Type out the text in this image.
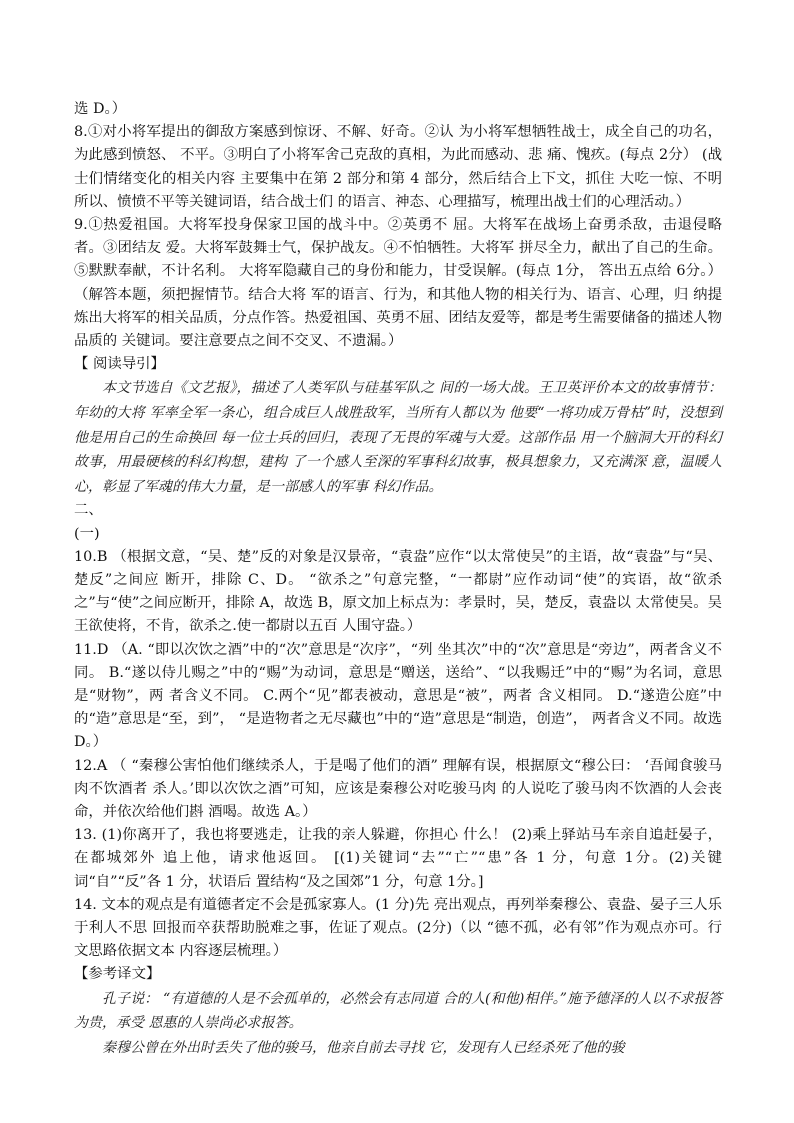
选 D。）

8.①对小将军提出的御敌方案感到惊讶、不解、好奇。②认 为小将军想牺牲战士，成全自己的功名，为此感到愤怒、 不平。③明白了小将军舍己克敌的真相，为此而感动、悲 痛、愧疚。(每点 2分） (战士们情绪变化的相关内容 主要集中在第 2 部分和第 4 部分，然后结合上下文，抓住 大吃一惊、不明所以、愤愤不平等关键词语，结合战士们 的语言、神态、心理描写，梳理出战士们的心理活动。）

9.①热爱祖国。大将军投身保家卫国的战斗中。②英勇不 屈。大将军在战场上奋勇杀敌，击退侵略者。③团结友 爱。大将军鼓舞士气，保护战友。④不怕牺牲。大将军 拼尽全力，献出了自己的生命。⑤默默奉献，不计名利。 大将军隐藏自己的身份和能力，甘受误解。(每点 1分， 答出五点给 6分。）（解答本题，须把握情节。结合大将 军的语言、行为，和其他人物的相关行为、语言、心理，归 纳提炼出大将军的相关品质，分点作答。热爱祖国、英勇不屈、团结友爱等，都是考生需要储备的描述人物品质的 关键词。要注意要点之间不交叉、不遗漏。）

【 阅读导引】

本文节选自《文艺报》，描述了人类军队与硅基军队之 间的一场大战。王卫英评价本文的故事情节：年幼的大将 军率全军一条心，组合成巨人战胜敌军，当所有人都以为 他要“一将功成万骨枯”时，没想到他是用自己的生命换回 每一位士兵的回归，表现了无畏的军魂与大爱。这部作品 用一个脑洞大开的科幻故事，用最硬核的科幻构想，建构 了一个感人至深的军事科幻故事，极具想象力，又充满深 意，温暖人心，彰显了军魂的伟大力量，是一部感人的军事 科幻作品。

二、

(一)

10.B （根据文意，“吴、楚”反的对象是汉景帝，“袁盎”应作“以太常使吴”的主语，故“袁盎”与“吴、楚反”之间应 断开，排除 C、D。 “欲杀之”句意完整，“一都尉”应作动词“使”的宾语，故“欲杀之”与“使”之间应断开，排除 A，故选 B，原文加上标点为：孝景时，吴，楚反，袁盎以 太常使吴。吴王欲使将，不肯，欲杀之.使一都尉以五百 人围守盎。）

11.D （A. “即以次饮之酒”中的“次”意思是“次序”，“列 坐其次”中的“次”意思是“旁边”，两者含义不同。 B.“遂以侍儿赐之”中的“赐”为动词，意思是“赠送，送给”、“以我赐迁”中的“赐”为名词，意思是“财物”，两 者含义不同。 C.两个“见”都表被动，意思是“被”，两者 含义相同。 D.“遂造公庭”中的“造”意思是“至，到”， “是造物者之无尽藏也”中的“造”意思是“制造，创造”， 两者含义不同。故选 D。）

12.A （ “秦穆公害怕他们继续杀人，于是喝了他们的酒” 理解有误，根据原文“穆公曰： ‘吾闻食骏马肉不饮酒者 杀人。’即以次饮之酒”可知，应该是秦穆公对吃骏马肉 的人说吃了骏马肉不饮酒的人会丧命，并依次给他们斟 酒喝。故选 A。）

13. (1)你离开了，我也将要逃走，让我的亲人躲避，你担心 什么！ (2)乘上驿站马车亲自追赶晏子，在都城郊外 追上他，请求他返回。 [(1)关键词“去”“亡”“患”各 1 分，句意 1分。(2)关键词“自”“反”各 1 分，状语后 置结构“及之国郊”1 分，句意 1分。]

14. 文本的观点是有道德者定不会是孤家寡人。(1 分)先 亮出观点，再列举秦穆公、袁盎、晏子三人乐于利人不思 回报而卒获帮助脱难之事，佐证了观点。(2分)（以 “德不孤，必有邻”作为观点亦可。行文思路依据文本 内容逐层梳理。）

【参考译文】

孔子说： “有道德的人是不会孤单的，必然会有志同道 合的人(和他)相伴。”施予德泽的人以不求报答为贵，承受 恩惠的人崇尚必求报答。

秦穆公曾在外出时丢失了他的骏马，他亲自前去寻找 它，发现有人已经杀死了他的骏
